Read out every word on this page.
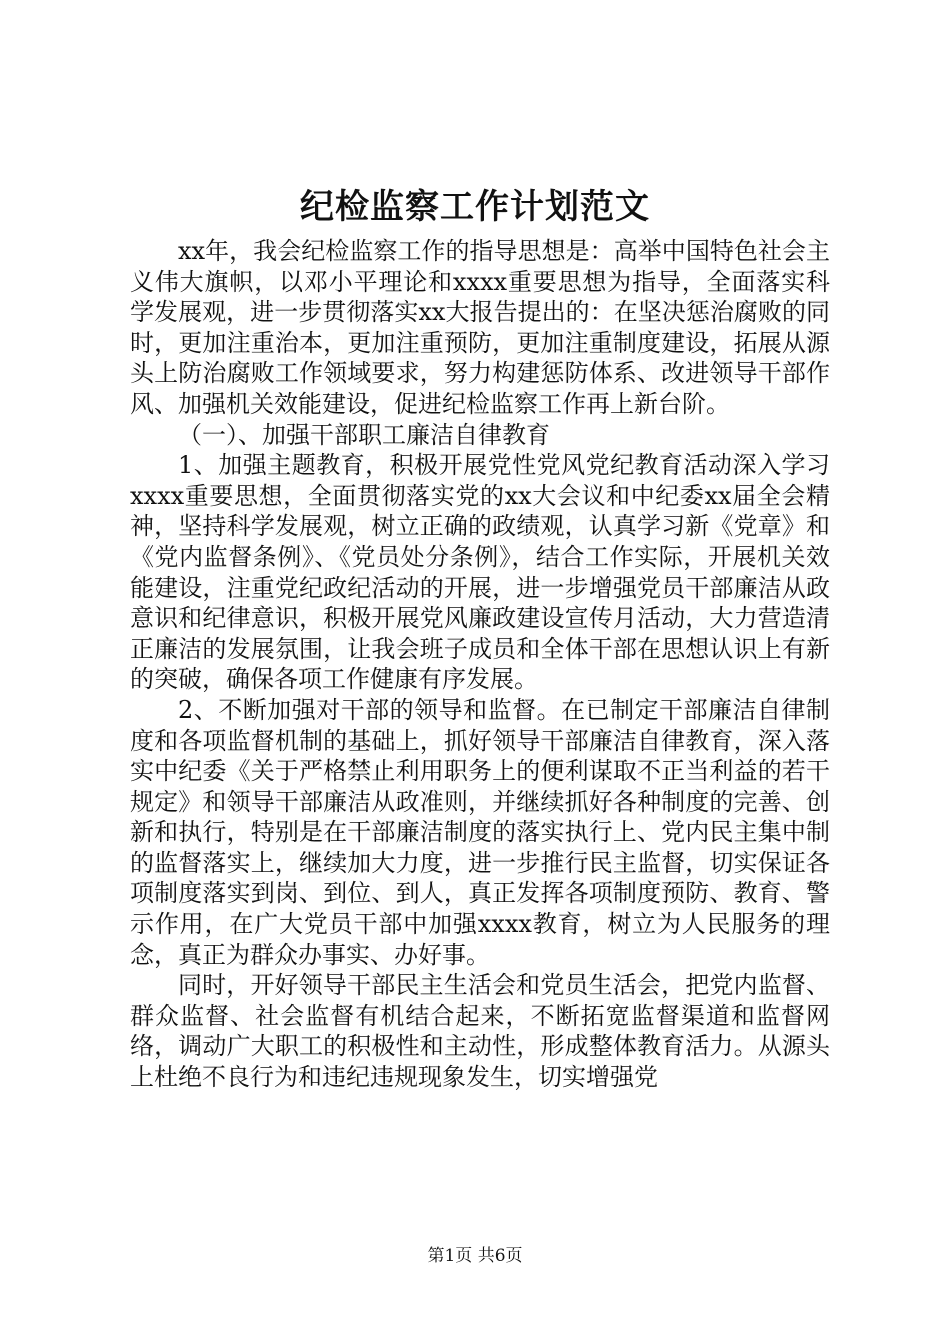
纪检监察工作计划范文

xx年，我会纪检监察工作的指导思想是：高举中国特色社会主义伟大旗帜，以邓小平理论和xxxx重要思想为指导，全面落实科学发展观，进一步贯彻落实xx大报告提出的：在坚决惩治腐败的同时，更加注重治本，更加注重预防，更加注重制度建设，拓展从源头上防治腐败工作领域要求，努力构建惩防体系、改进领导干部作风、加强机关效能建设，促进纪检监察工作再上新台阶。

（一）、加强干部职工廉洁自律教育

1、加强主题教育，积极开展党性党风党纪教育活动深入学习xxxx重要思想，全面贯彻落实党的xx大会议和中纪委xx届全会精神，坚持科学发展观，树立正确的政绩观，认真学习新《党章》和《党内监督条例》、《党员处分条例》，结合工作实际，开展机关效能建设，注重党纪政纪活动的开展，进一步增强党员干部廉洁从政意识和纪律意识，积极开展党风廉政建设宣传月活动，大力营造清正廉洁的发展氛围，让我会班子成员和全体干部在思想认识上有新的突破，确保各项工作健康有序发展。

2、不断加强对干部的领导和监督。在已制定干部廉洁自律制度和各项监督机制的基础上，抓好领导干部廉洁自律教育，深入落实中纪委《关于严格禁止利用职务上的便利谋取不正当利益的若干规定》和领导干部廉洁从政准则，并继续抓好各种制度的完善、创新和执行，特别是在干部廉洁制度的落实执行上、党内民主集中制的监督落实上，继续加大力度，进一步推行民主监督，切实保证各项制度落实到岗、到位、到人，真正发挥各项制度预防、教育、警示作用，在广大党员干部中加强xxxx教育，树立为人民服务的理念，真正为群众办事实、办好事。

同时，开好领导干部民主生活会和党员生活会，把党内监督、群众监督、社会监督有机结合起来，不断拓宽监督渠道和监督网络，调动广大职工的积极性和主动性，形成整体教育活力。从源头上杜绝不良行为和违纪违规现象发生，切实增强党

第1页 共6页
